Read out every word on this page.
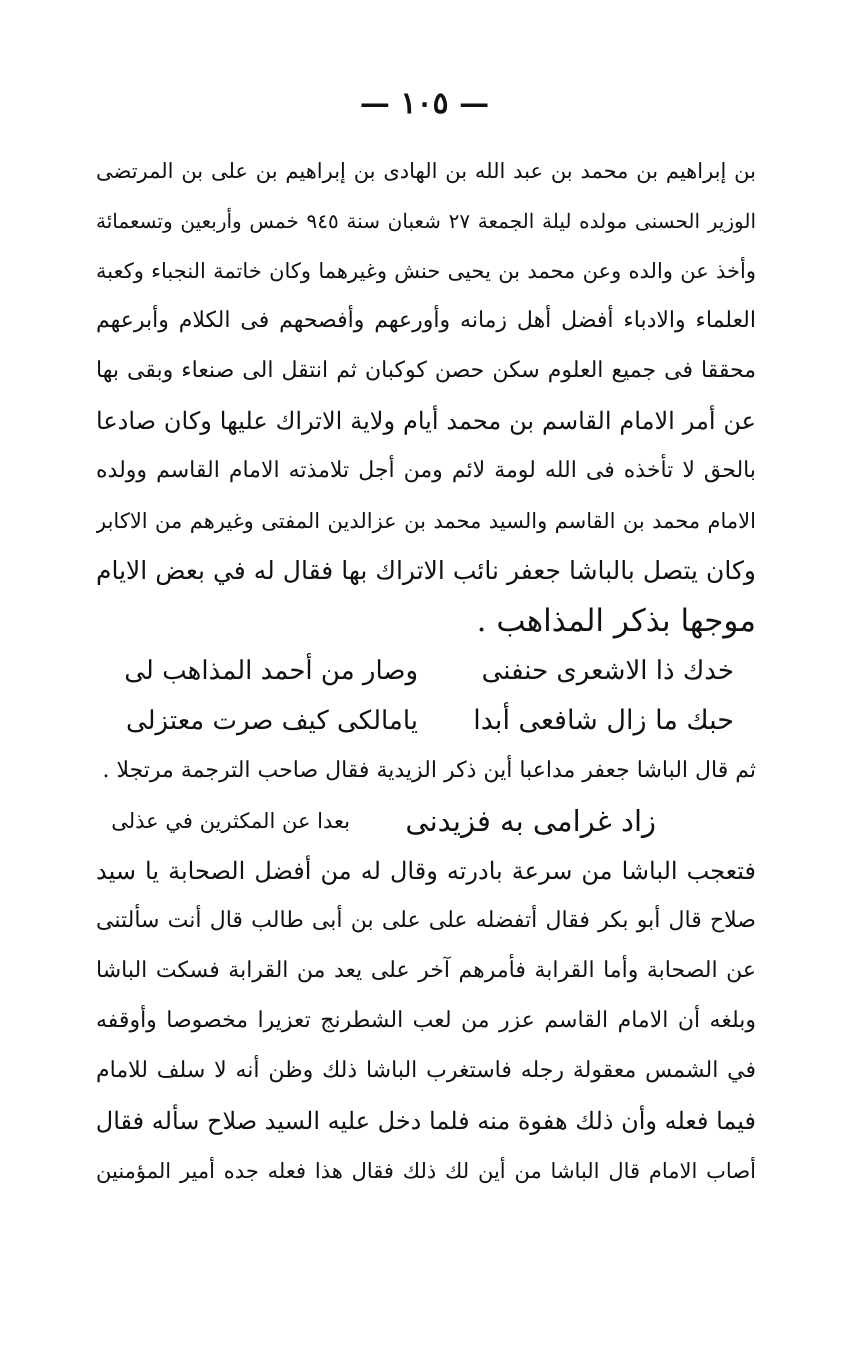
— ١٠٥ —
بن إبراهيم بن محمد بن عبد الله بن الهادى بن إبراهيم بن على بن المرتضى
الوزير الحسنى مولده ليلة الجمعة ٢٧ شعبان سنة ٩٤٥ خمس وأربعين وتسعمائة
وأخذ عن والده وعن محمد بن يحيى حنش وغيرهما وكان خاتمة النجباء وكعبة
العلماء والادباء أفضل أهل زمانه وأورعهم وأفصحهم فى الكلام وأبرعهم
محققا فى جميع العلوم سكن حصن كوكبان ثم انتقل الى صنعاء وبقى بها
عن أمر الامام القاسم بن محمد أيام ولاية الاتراك عليها وكان صادعا
بالحق لا تأخذه فى الله لومة لائم ومن أجل تلامذته الامام القاسم وولده
الامام محمد بن القاسم والسيد محمد بن عزالدين المفتى وغيرهم من الاكابر
وكان يتصل بالباشا جعفر نائب الاتراك بها فقال له في بعض الايام
موجها بذكر المذاهب .
خدك ذا الاشعرى حنفنى
وصار من أحمد المذاهب لى
حبك ما زال شافعى أبدا
يامالكى كيف صرت معتزلى
ثم قال الباشا جعفر مداعبا أين ذكر الزيدية فقال صاحب الترجمة مرتجلا .
زاد غرامى به فزيدنى
بعدا عن المكثرين في عذلى
فتعجب الباشا من سرعة بادرته وقال له من أفضل الصحابة يا سيد
صلاح قال أبو بكر فقال أتفضله على على بن أبى طالب قال أنت سألتنى
عن الصحابة وأما القرابة فأمرهم آخر على يعد من القرابة فسكت الباشا
وبلغه أن الامام القاسم عزر من لعب الشطرنج تعزيرا مخصوصا وأوقفه
في الشمس معقولة رجله فاستغرب الباشا ذلك وظن أنه لا سلف للامام
فيما فعله وأن ذلك هفوة منه فلما دخل عليه السيد صلاح سأله فقال
أصاب الامام قال الباشا من أين لك ذلك فقال هذا فعله جده أمير المؤمنين
